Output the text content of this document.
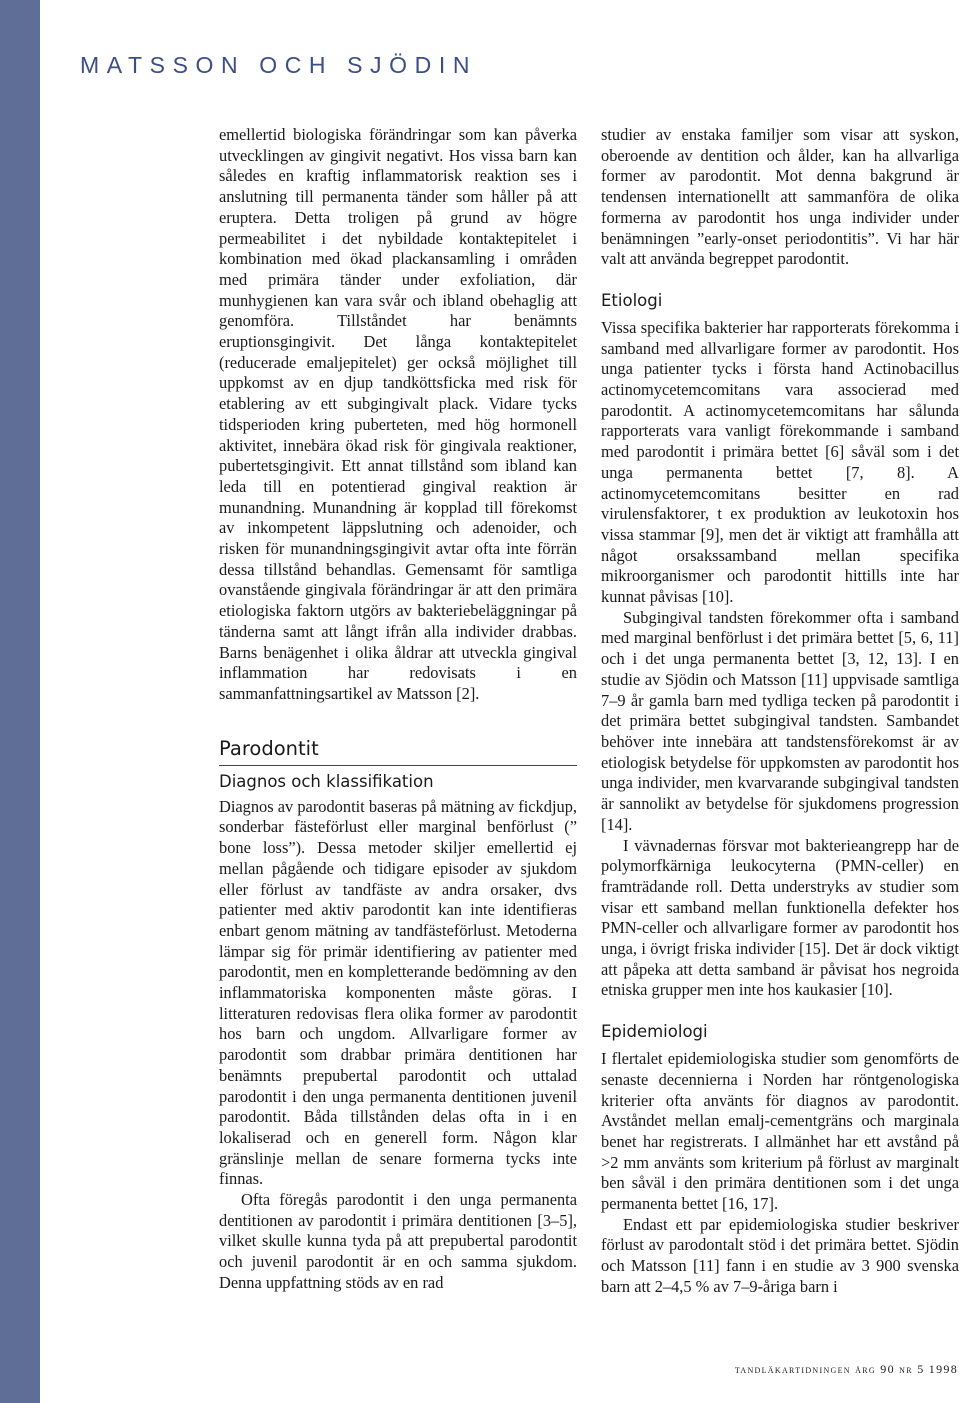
MATSSON OCH SJÖDIN

emellertid biologiska förändringar som kan påverka utvecklingen av gingivit negativt. Hos vissa barn kan således en kraftig inflammatorisk reaktion ses i anslutning till permanenta tänder som håller på att eruptera. Detta troligen på grund av högre permeabilitet i det nybildade kontaktepitelet i kombination med ökad plackansamling i områden med primära tänder under exfoliation, där munhygienen kan vara svår och ibland obehaglig att genomföra. Tillståndet har benämnts eruptionsgingivit. Det långa kontaktepitelet (reducerade emaljepitelet) ger också möjlighet till uppkomst av en djup tandköttsficka med risk för etablering av ett subgingivalt plack. Vidare tycks tidsperioden kring puberteten, med hög hormonell aktivitet, innebära ökad risk för gingivala reaktioner, pubertetsgingivit. Ett annat tillstånd som ibland kan leda till en potentierad gingival reaktion är munandning. Munandning är kopplad till förekomst av inkompetent läppslutning och adenoider, och risken för munandningsgingivit avtar ofta inte förrän dessa tillstånd behandlas. Gemensamt för samtliga ovanstående gingivala förändringar är att den primära etiologiska faktorn utgörs av bakteriebeläggningar på tänderna samt att långt ifrån alla individer drabbas. Barns benägenhet i olika åldrar att utveckla gingival inflammation har redovisats i en sammanfattningsartikel av Matsson [2].

Parodontit
Diagnos och klassifikation

Diagnos av parodontit baseras på mätning av fickdjup, sonderbar fästeförlust eller marginal benförlust (” bone loss”). Dessa metoder skiljer emellertid ej mellan pågående och tidigare episoder av sjukdom eller förlust av tandfäste av andra orsaker, dvs patienter med aktiv parodontit kan inte identifieras enbart genom mätning av tandfästeförlust. Metoderna lämpar sig för primär identifiering av patienter med parodontit, men en kompletterande bedömning av den inflammatoriska komponenten måste göras. I litteraturen redovisas flera olika former av parodontit hos barn och ungdom. Allvarligare former av parodontit som drabbar primära dentitionen har benämnts prepubertal parodontit och uttalad parodontit i den unga permanenta dentitionen juvenil parodontit. Båda tillstånden delas ofta in i en lokaliserad och en generell form. Någon klar gränslinje mellan de senare formerna tycks inte finnas.

Ofta föregås parodontit i den unga permanenta dentitionen av parodontit i primära dentitionen [3–5], vilket skulle kunna tyda på att prepubertal parodontit och juvenil parodontit är en och samma sjukdom. Denna uppfattning stöds av en rad

studier av enstaka familjer som visar att syskon, oberoende av dentition och ålder, kan ha allvarliga former av parodontit. Mot denna bakgrund är tendensen internationellt att sammanföra de olika formerna av parodontit hos unga individer under benämningen ”early-onset periodontitis”. Vi har här valt att använda begreppet parodontit.

Etiologi

Vissa specifika bakterier har rapporterats förekomma i samband med allvarligare former av parodontit. Hos unga patienter tycks i första hand Actinobacillus actinomycetemcomitans vara associerad med parodontit. A actinomycetemcomitans har sålunda rapporterats vara vanligt förekommande i samband med parodontit i primära bettet [6] såväl som i det unga permanenta bettet [7, 8]. A actinomycetemcomitans besitter en rad virulensfaktorer, t ex produktion av leukotoxin hos vissa stammar [9], men det är viktigt att framhålla att något orsakssamband mellan specifika mikroorganismer och parodontit hittills inte har kunnat påvisas [10].

Subgingival tandsten förekommer ofta i samband med marginal benförlust i det primära bettet [5, 6, 11] och i det unga permanenta bettet [3, 12, 13]. I en studie av Sjödin och Matsson [11] uppvisade samtliga 7–9 år gamla barn med tydliga tecken på parodontit i det primära bettet subgingival tandsten. Sambandet behöver inte innebära att tandstensförekomst är av etiologisk betydelse för uppkomsten av parodontit hos unga individer, men kvarvarande subgingival tandsten är sannolikt av betydelse för sjukdomens progression [14].

I vävnadernas försvar mot bakterieangrepp har de polymorfkärniga leukocyterna (PMN-celler) en framträdande roll. Detta understryks av studier som visar ett samband mellan funktionella defekter hos PMN-celler och allvarligare former av parodontit hos unga, i övrigt friska individer [15]. Det är dock viktigt att påpeka att detta samband är påvisat hos negroida etniska grupper men inte hos kaukasier [10].

Epidemiologi

I flertalet epidemiologiska studier som genomförts de senaste decennierna i Norden har röntgenologiska kriterier ofta använts för diagnos av parodontit. Avståndet mellan emalj-cementgräns och marginala benet har registrerats. I allmänhet har ett avstånd på >2 mm använts som kriterium på förlust av marginalt ben såväl i den primära dentitionen som i det unga permanenta bettet [16, 17].

Endast ett par epidemiologiska studier beskriver förlust av parodontalt stöd i det primära bettet. Sjödin och Matsson [11] fann i en studie av 3 900 svenska barn att 2–4,5 % av 7–9-åriga barn i

tandläkartidningen årg 90 nr 5 1998
